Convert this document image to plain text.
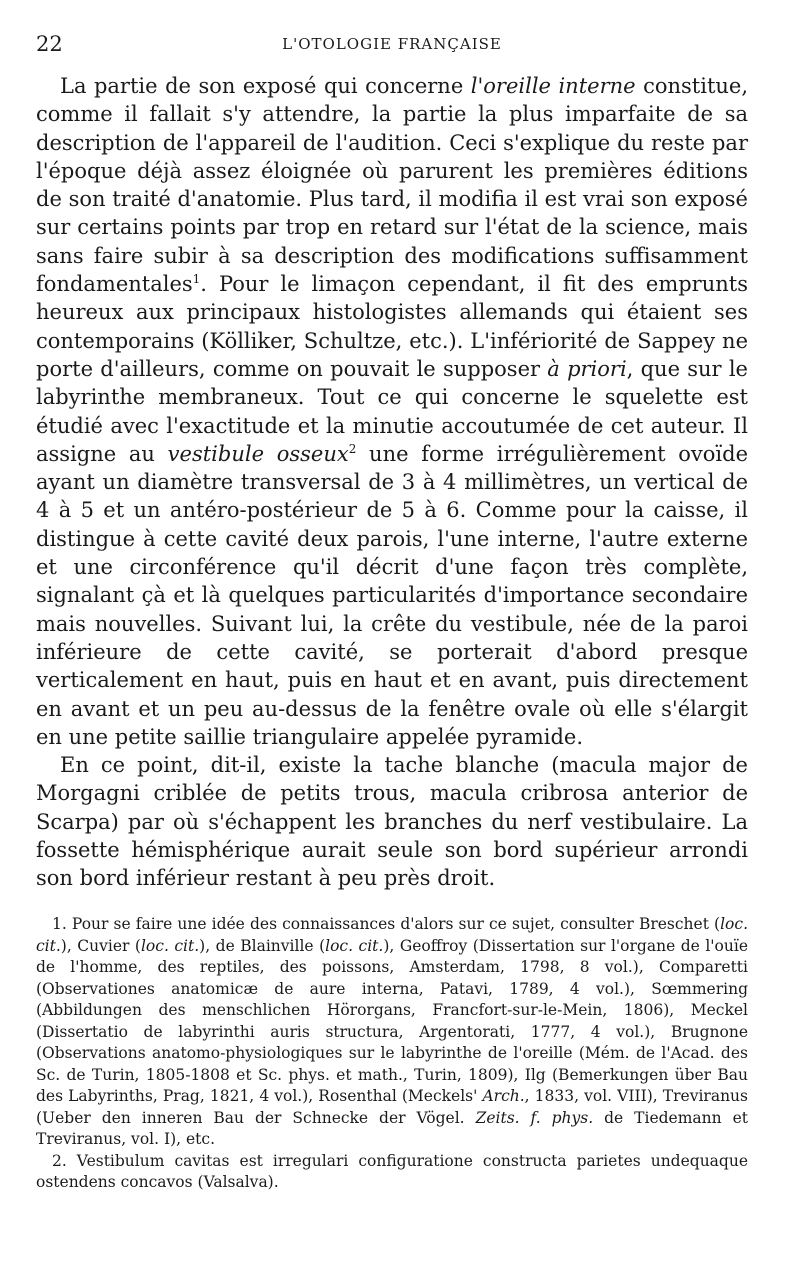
22	L'OTOLOGIE FRANÇAISE

La partie de son exposé qui concerne l'oreille interne constitue, comme il fallait s'y attendre, la partie la plus imparfaite de sa description de l'appareil de l'audition. Ceci s'explique du reste par l'époque déjà assez éloignée où parurent les premières éditions de son traité d'anatomie. Plus tard, il modifia il est vrai son exposé sur certains points par trop en retard sur l'état de la science, mais sans faire subir à sa description des modifications suffisamment fondamentales$^1$. Pour le limaçon cependant, il fit des emprunts heureux aux principaux histologistes allemands qui étaient ses contemporains (Kölliker, Schultze, etc.). L'infériorité de Sappey ne porte d'ailleurs, comme on pouvait le supposer à priori, que sur le labyrinthe membraneux. Tout ce qui concerne le squelette est étudié avec l'exactitude et la minutie accoutumée de cet auteur. Il assigne au vestibule osseux$^2$ une forme irrégulièrement ovoïde ayant un diamètre transversal de 3 à 4 millimètres, un vertical de 4 à 5 et un antéro-postérieur de 5 à 6. Comme pour la caisse, il distingue à cette cavité deux parois, l'une interne, l'autre externe et une circonférence qu'il décrit d'une façon très complète, signalant çà et là quelques particularités d'importance secondaire mais nouvelles. Suivant lui, la crête du vestibule, née de la paroi inférieure de cette cavité, se porterait d'abord presque verticalement en haut, puis en haut et en avant, puis directement en avant et un peu au-dessus de la fenêtre ovale où elle s'élargit en une petite saillie triangulaire appelée pyramide.

En ce point, dit-il, existe la tache blanche (macula major de Morgagni criblée de petits trous, macula cribrosa anterior de Scarpa) par où s'échappent les branches du nerf vestibulaire. La fossette hémisphérique aurait seule son bord supérieur arrondi son bord inférieur restant à peu près droit.

1. Pour se faire une idée des connaissances d'alors sur ce sujet, consulter Breschet (loc. cit.), Cuvier (loc. cit.), de Blainville (loc. cit.), Geoffroy (Dissertation sur l'organe de l'ouïe de l'homme, des reptiles, des poissons, Amsterdam, 1798, 8 vol.), Comparetti (Observationes anatomicæ de aure interna, Patavi, 1789, 4 vol.), Sœmmering (Abbildungen des menschlichen Hörorgans, Francfort-sur-le-Mein, 1806), Meckel (Dissertatio de labyrinthi auris structura, Argentorati, 1777, 4 vol.), Brugnone (Observations anatomo-physiologiques sur le labyrinthe de l'oreille (Mém. de l'Acad. des Sc. de Turin, 1805-1808 et Sc. phys. et math., Turin, 1809), Ilg (Bemerkungen über Bau des Labyrinths, Prag, 1821, 4 vol.), Rosenthal (Meckels' Arch., 1833, vol. VIII), Treviranus (Ueber den inneren Bau der Schnecke der Vögel. Zeits. f. phys. de Tiedemann et Treviranus, vol. I), etc.

2. Vestibulum cavitas est irregulari configuratione constructa parietes undequaque ostendens concavos (Valsalva).
